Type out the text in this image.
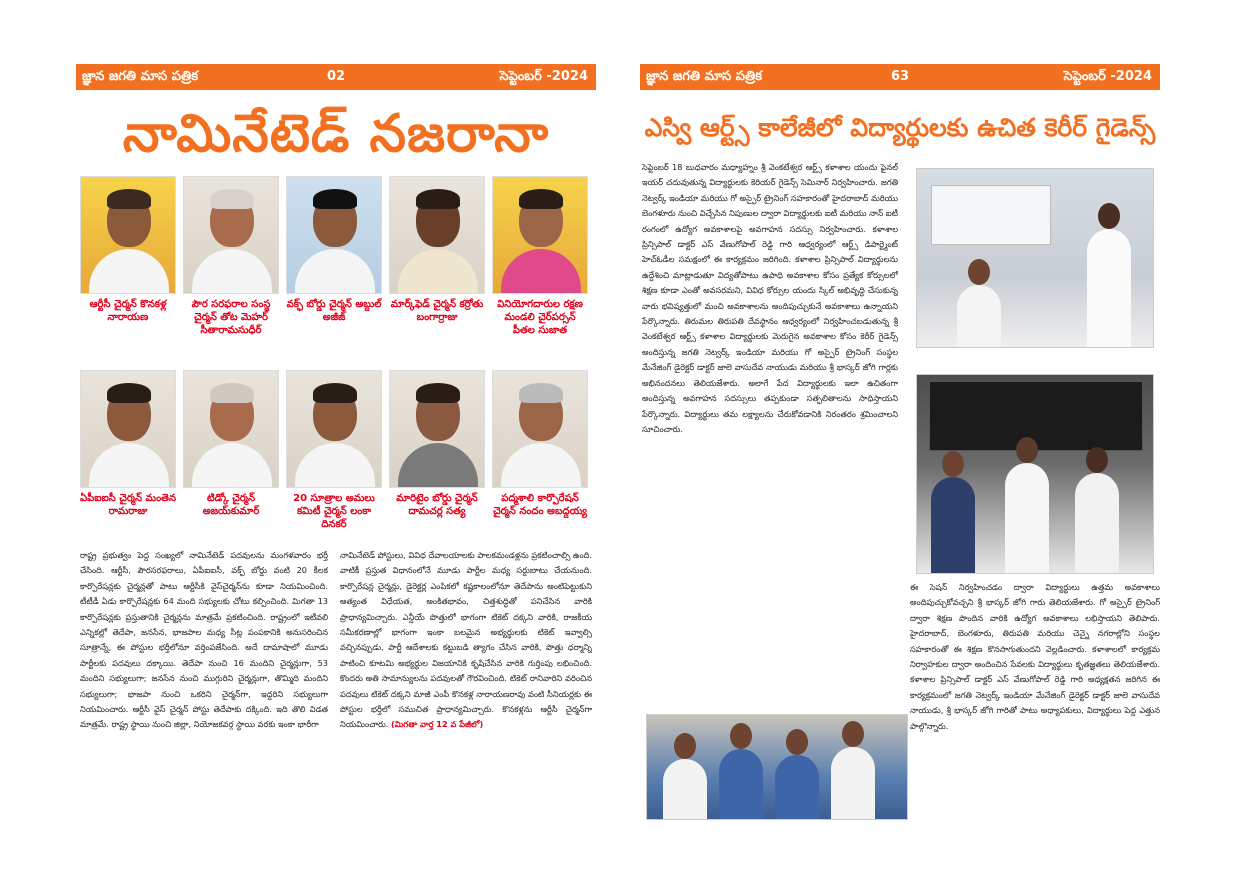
జ్ఞాన జగతి మాస పత్రిక	02	సెప్టెంబర్ -2024
నామినేటెడ్ నజరానా
ఆర్టీసీ చైర్మన్ కొనకళ్ల నారాయణ
పౌర సరఫరాల సంస్థ చైర్మన్ తోట మెహర్ సీతారామసుధీర్
వక్ఫ్ బోర్డు చైర్మన్ అబ్దుల్ అజీజ్
మార్క్‌ఫెడ్ చైర్మన్ కర్రోతు బంగార్రాజు
వినియోగదారుల రక్షణ మండలి చైర్‌పర్సన్ పీతల సుజాత
ఏపీఐఐసీ చైర్మన్ మంతెన రామరాజు
టిడ్కో చైర్మన్ అజయ్‌కుమార్
20 సూత్రాల అమలు కమిటీ చైర్మన్ లంకా దినకర్
మారిటైం బోర్డు చైర్మన్ దామచర్ల సత్య
పద్మశాలి కార్పొరేషన్ చైర్మన్ నందం అబద్దయ్య
రాష్ట్ర ప్రభుత్వం పెద్ద సంఖ్యలో నామినేటెడ్ పదవులను మంగళవారం భర్తీ చేసింది. ఆర్టీసీ, పౌరసరఫరాలు, ఏపీఐఐసీ, వక్ఫ్ బోర్డు వంటి 20 కీలక కార్పొరేషన్లకు చైర్మన్లతో పాటు ఆర్టీసీకి వైస్‌చైర్మన్‌ను కూడా నియమించింది. టీటీడీ ఏడు కార్పొరేషన్లకు 64 మంది సభ్యులకు చోటు కల్పించింది. మిగతా 13 కార్పొరేషన్లకు ప్రస్తుతానికి చైర్మన్లను మాత్రమే ప్రకటించింది. రాష్ట్రంలో ఇటీవలి ఎన్నికల్లో తెదేపా, జనసేన, భాజపాల మధ్య సీట్ల పంపకానికి అనుసరించిన సూత్రాన్నే, ఈ పోస్టుల భర్తీలోనూ వర్తింపజేసింది. అదే దామాషాలో మూడు పార్టీలకు పదవులు దక్కాయి. తెదేపా నుంచి 16 మందిని చైర్మన్లుగా, 53 మందిని సభ్యులుగా; జనసేన నుంచి ముగ్గురిని చైర్మన్లుగా, తొమ్మిది మందిని సభ్యులుగా; భాజపా నుంచి ఒకరిని చైర్మన్‌గా, ఇద్దరిని సభ్యులుగా నియమించారు. ఆర్టీసీ వైస్ చైర్మన్ పోస్టు తెదేపాకు దక్కింది. ఇది తొలి విడత మాత్రమే. రాష్ట్ర స్థాయి నుంచి జిల్లా, నియోజకవర్గ స్థాయి వరకు ఇంకా భారీగా
నామినేటెడ్ పోస్టులు, వివిధ దేవాలయాలకు పాలకమండళ్లను ప్రకటించాల్సి ఉంది. వాటికీ ప్రస్తుత విధానంలోనే మూడు పార్టీల మధ్య సర్దుబాటు చేయనుంది. కార్పొరేషన్ల చైర్మన్లు, డైరెక్టర్ల ఎంపికలో కష్టకాలంలోనూ తెదేపాను అంటిపెట్టుకుని అత్యంత విధేయత, అంకితభావం, చిత్తశుద్ధితో పనిచేసిన వారికి ప్రాధాన్యమిచ్చారు. ఎన్డీయే పొత్తులో భాగంగా టికెట్ దక్కని వారికి, రాజకీయ సమీకరణాల్లో భాగంగా ఇంకా బలమైన అభ్యర్థులకు టికెట్ ఇవ్వాల్సి వచ్చినప్పుడు, పార్టీ ఆదేశాలకు కట్టుబడి త్యాగం చేసిన వారికి, పొత్తు ధర్మాన్ని పాటించి కూటమి అభ్యర్థుల విజయానికి కృషిచేసిన వారికి గుర్తింపు లభించింది. కొందరు అతి సామాన్యులను పదవులతో గౌరవించింది. టికెట్ రానివారిని వరించిన పదవులు టికెట్ దక్కని మాజీ ఎంపీ కొనకళ్ల నారాయణరావు వంటి సీనియర్లకు ఈ పోస్టుల భర్తీలో సముచిత ప్రాధాన్యమిచ్చారు. కొనకళ్లను ఆర్టీసీ చైర్మన్‌గా నియమించారు. (మిగతా వార్త 12 వ పేజీలో)
జ్ఞాన జగతి మాస పత్రిక	63	సెప్టెంబర్ -2024
ఎస్వి ఆర్ట్స్ కాలేజీలో విద్యార్థులకు ఉచిత కెరీర్ గైడెన్స్
సెప్టెంబర్ 18 బుధవారం మధ్యాహ్నం శ్రీ వెంకటేశ్వర ఆర్ట్స్ కళాశాల యందు ఫైనల్ ఇయర్ చదువుతున్న విద్యార్థులకు కెరియర్ గైడెన్స్ సెమినార్ నిర్వహించారు. జగతి నెట్వర్క్ ఇండియా మరియు గో అస్పైర్ ట్రైనింగ్ సహకారంతో హైదరాబాద్ మరియు బెంగళూరు నుంచి విచ్చేసిన నిపుణుల ద్వారా విద్యార్థులకు ఐటీ మరియు నాన్ ఐటీ రంగంలో ఉద్యోగ అవకాశాలపై అవగాహన సదస్సు నిర్వహించారు. కళాశాల ప్రిన్సిపాల్ డాక్టర్ ఎస్ వేణుగోపాల్ రెడ్డి గారి ఆధ్వర్యంలో ఆర్ట్స్ డిపార్ట్మెంట్ హెచ్ఓడీల సమక్షంలో ఈ కార్యక్రమం జరిగింది. కళాశాల ప్రిన్సిపాల్ విద్యార్థులను ఉద్దేశించి మాట్లాడుతూ విద్యతోపాటు ఉపాధి అవకాశాల కోసం ప్రత్యేక కోర్సులలో శిక్షణ కూడా ఎంతో అవసరమని, వివిధ కోర్సుల యందు స్కిల్ అభివృద్ధి చేసుకున్న వారు భవిష్యత్తులో మంచి అవకాశాలను అందిపుచ్చుకునే అవకాశాలు ఉన్నాయని పేర్కొన్నారు. తిరుమల తిరుపతి దేవస్థానం ఆధ్వర్యంలో నిర్వహించబడుతున్న శ్రీ వెంకటేశ్వర ఆర్ట్స్ కళాశాల విద్యార్థులకు మెరుగైన అవకాశాల కోసం కెరీర్ గైడెన్స్ అందిస్తున్న జగతి నెట్వర్క్ ఇండియా మరియు గో అస్పైర్ ట్రైనింగ్ సంస్థల మేనేజింగ్ డైరెక్టర్ డాక్టర్ జాలె వాసుదేవ నాయుడు మరియు శ్రీ భాస్కర్ జోగి గార్లకు అభినందనలు తెలియజేశారు. అలాగే పేద విద్యార్థులకు ఇలా ఉచితంగా అందిస్తున్న అవగాహన సదస్సులు తప్పకుండా సత్ఫలితాలను సాధిస్తాయని పేర్కొన్నారు. విద్యార్థులు తమ లక్ష్యాలను చేరుకోవడానికి నిరంతరం శ్రమించాలని సూచించారు.
ఈ సెషన్ నిర్వహించడం ద్వారా విద్యార్థులు ఉత్తమ అవకాశాలు అందిపుచ్చుకోవచ్చని శ్రీ భాస్కర్ జోగి గారు తెలియజేశారు. గో అస్పైర్ ట్రైనింగ్ ద్వారా శిక్షణ పొందిన వారికి ఉద్యోగ అవకాశాలు లభిస్తాయని తెలిపారు. హైదరాబాద్, బెంగళూరు, తిరుపతి మరియు చెన్నై నగరాల్లోని సంస్థల సహకారంతో ఈ శిక్షణ కొనసాగుతుందని వెల్లడించారు. కళాశాలలో కార్యక్రమ నిర్వాహకుల ద్వారా అందించిన సేవలకు విద్యార్థులు కృతజ్ఞతలు తెలియజేశారు. కళాశాల ప్రిన్సిపాల్ డాక్టర్ ఎస్ వేణుగోపాల్ రెడ్డి గారి అధ్యక్షతన జరిగిన ఈ కార్యక్రమంలో జగతి నెట్వర్క్ ఇండియా మేనేజింగ్ డైరెక్టర్ డాక్టర్ జాలె వాసుదేవ నాయుడు, శ్రీ భాస్కర్ జోగి గారితో పాటు అధ్యాపకులు, విద్యార్థులు పెద్ద ఎత్తున పాల్గొన్నారు.
